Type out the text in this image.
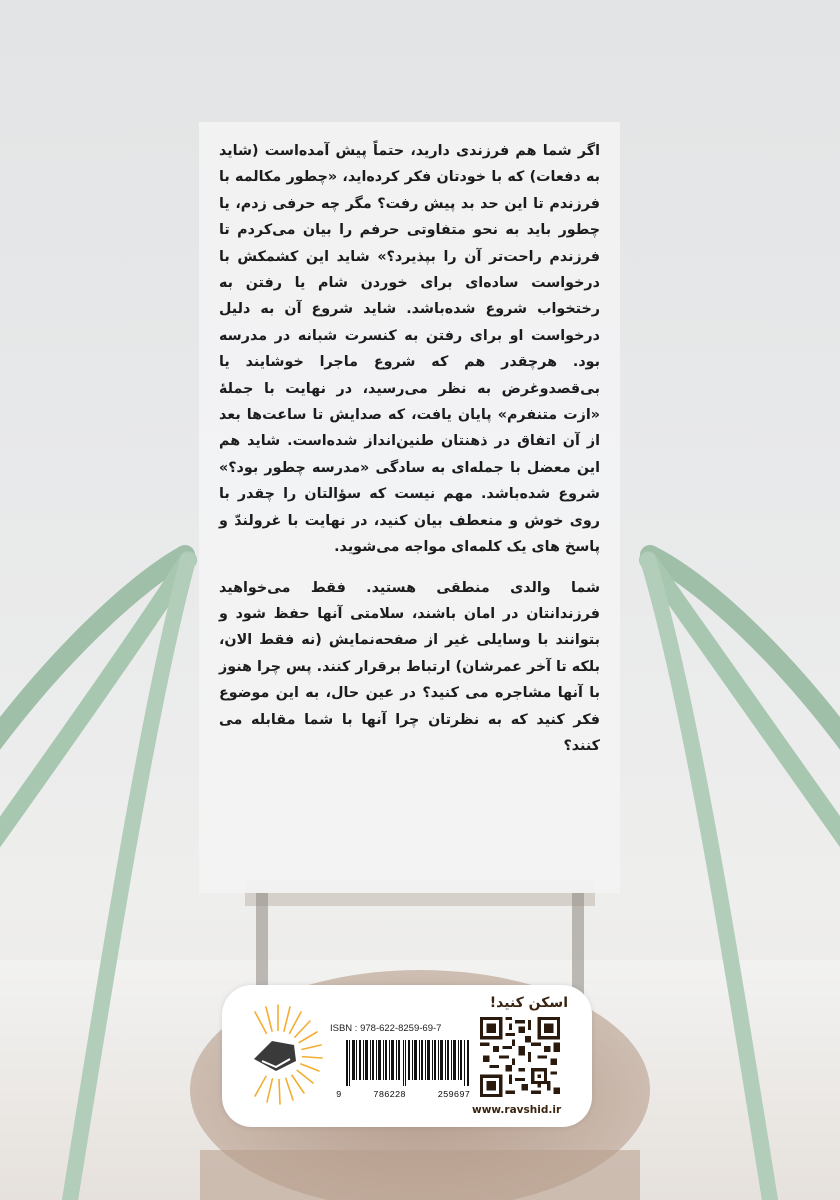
اگر شما هم فرزندی دارید، حتماً پیش آمده‌است (شاید به دفعات) که با خودتان فکر کرده‌اید، «چطور مکالمه با فرزندم تا این حد بد پیش رفت؟ مگر چه حرفی زدم، یا چطور باید به نحو متفاوتی حرفم را بیان می‌کردم تا فرزندم راحت‌تر آن را بپذیرد؟» شاید این کشمکش با درخواست ساده‌ای برای خوردن شام یا رفتن به رختخواب شروع شده‌باشد. شاید شروع آن به دلیل درخواست او برای رفتن به کنسرت شبانه در مدرسه بود. هرچقدر هم که شروع ماجرا خوشایند یا بی‌قصدوغرض به نظر می‌رسید، در نهایت با جملهٔ «ازت متنفرم» پایان یافت، که صدایش تا ساعت‌ها بعد از آن اتفاق در ذهنتان طنین‌انداز شده‌است. شاید هم این معضل با جمله‌ای به سادگی «مدرسه چطور بود؟» شروع شده‌باشد. مهم نیست که سؤالتان را چقدر با روی خوش و منعطف بیان کنید، در نهایت با غرولندّ و پاسخ های یک کلمه‌ای مواجه می‌شوید.

شما والدی منطقی هستید. فقط می‌خواهید فرزندانتان در امان باشند، سلامتی آنها حفظ شود و بتوانند با وسایلی غیر از صفحه‌نمایش (نه فقط الان، بلکه تا آخر عمرشان) ارتباط برقرار کنند. پس چرا هنوز با آنها مشاجره می کنید؟ در عین حال، به این موضوع فکر کنید که به نظرتان چرا آنها با شما مقابله می کنند؟

اسکن کنید!
www.ravshid.ir
ISBN : 978-622-8259-69-7
9	786228	259697
